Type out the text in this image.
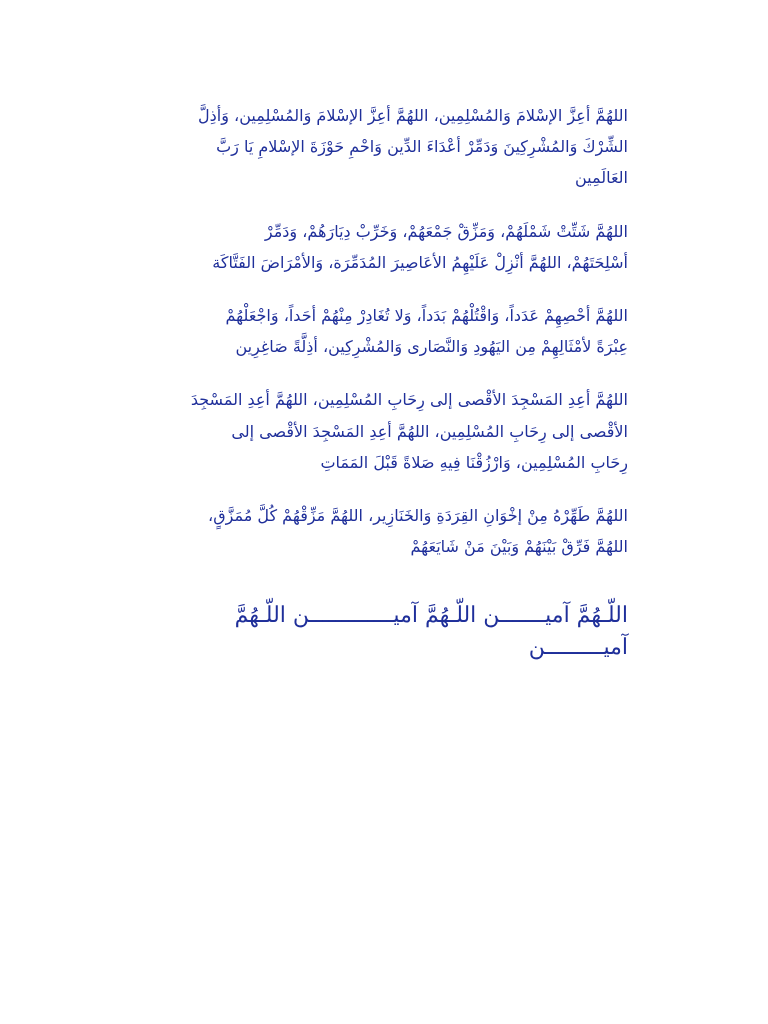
اللهُمَّ أعِزَّ الإسْلامَ وَالمُسْلِمِين، اللهُمَّ أعِزَّ الإسْلامَ وَالمُسْلِمِين، وَأذِلَّ
الشِّرْكَ وَالمُشْرِكِينَ وَدَمِّرْ أعْدَاءَ الدِّين وَاحْمِ حَوْزَةَ الإسْلامِ يَا رَبَّ
العَالَمِين

اللهُمَّ شَتِّتْ شَمْلَهُمْ، وَمَزِّقْ جَمْعَهُمْ، وَخَرِّبْ دِيَارَهُمْ، وَدَمِّرْ
أسْلِحَتَهُمْ، اللهُمَّ أنْزِلْ عَلَيْهِمُ الأعَاصِيرَ المُدَمِّرَة، وَالأمْرَاضَ الفَتَّاكَة

اللهُمَّ أحْصِهِمْ عَدَداً، وَاقْتُلْهُمْ بَدَداً، وَلا تُغَادِرْ مِنْهُمْ أحَداً، وَاجْعَلْهُمْ
عِبْرَةً لأمْثَالِهِمْ مِن اليَهُودِ وَالنَّصَارى وَالمُشْرِكِين، أذِلَّةً صَاغِرِين

اللهُمَّ أعِدِ المَسْجِدَ الأقْصى إلى رِحَابِ المُسْلِمِين، اللهُمَّ أعِدِ المَسْجِدَ
الأقْصى إلى رِحَابِ المُسْلِمِين، اللهُمَّ أعِدِ المَسْجِدَ الأقْصى إلى
رِحَابِ المُسْلِمِين، وَارْزُقْنَا فِيهِ صَلاةً قَبْلَ المَمَاتِ

اللهُمَّ طَهِّرْهُ مِنْ إخْوَانِ القِرَدَةِ وَالخَنَازِير، اللهُمَّ مَزِّقْهُمْ كُلَّ مُمَزَّقٍ،
اللهُمَّ فَرِّقْ بَيْنَهُمْ وَبَيْنَ مَنْ شَايَعَهُمْ

اللّـهُمَّ آميـــــــن اللّـهُمَّ آميـــــــــــــن اللّـهُمَّ
آميـــــــــن
